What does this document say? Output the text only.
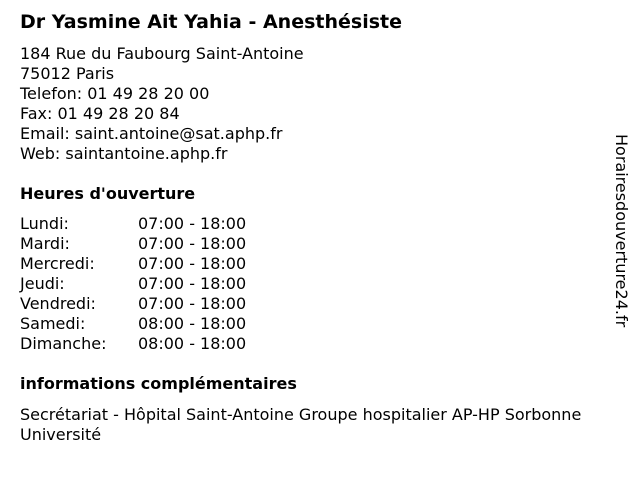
Dr Yasmine Ait Yahia - Anesthésiste
184 Rue du Faubourg Saint-Antoine
75012 Paris
Telefon: 01 49 28 20 00
Fax: 01 49 28 20 84
Email: saint.antoine@sat.aphp.fr
Web: saintantoine.aphp.fr
Heures d'ouverture
Lundi:	07:00 - 18:00
Mardi:	07:00 - 18:00
Mercredi:	07:00 - 18:00
Jeudi:	07:00 - 18:00
Vendredi:	07:00 - 18:00
Samedi:	08:00 - 18:00
Dimanche:	08:00 - 18:00
informations complémentaires
Secrétariat - Hôpital Saint-Antoine Groupe hospitalier AP-HP Sorbonne Université
Horairesdouverture24.fr
